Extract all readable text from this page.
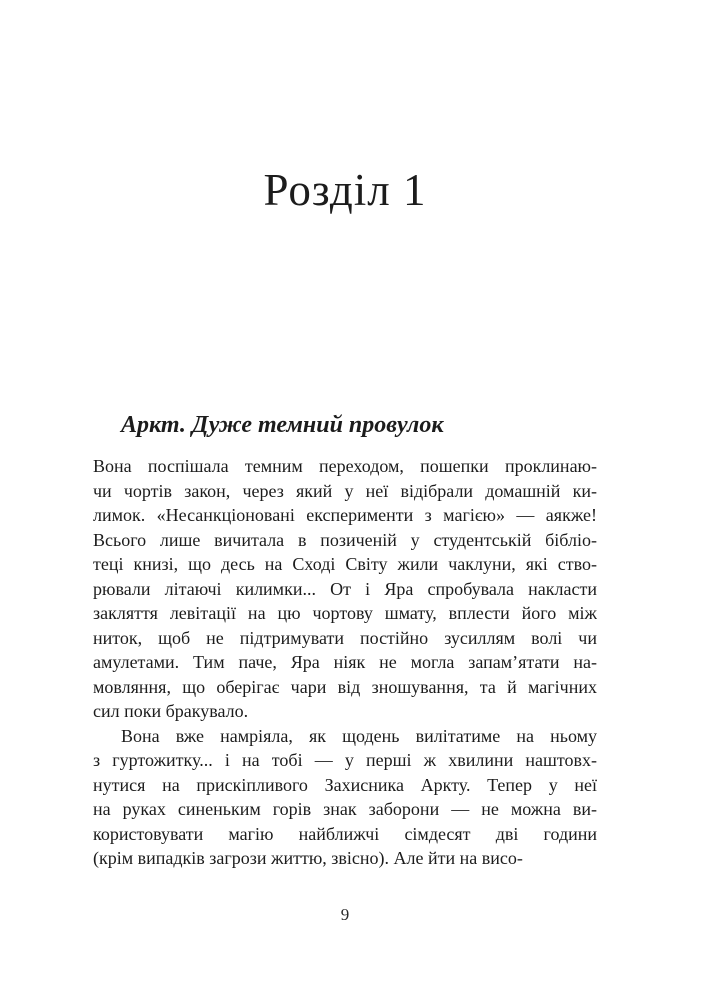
Розділ 1
Аркт. Дуже темний провулок
Вона поспішала темним переходом, пошепки проклинаю-
чи чортів закон, через який у неї відібрали домашній ки-
лимок. «Несанкціоновані експерименти з магією» — аякже!
Всього лише вичитала в позиченій у студентській бібліо-
теці книзі, що десь на Сході Світу жили чаклуни, які ство-
рювали літаючі килимки... От і Яра спробувала накласти
закляття левітації на цю чортову шмату, вплести його між
ниток, щоб не підтримувати постійно зусиллям волі чи
амулетами. Тим паче, Яра ніяк не могла запам’ятати на-
мовляння, що оберігає чари від зношування, та й магічних
сил поки бракувало.
Вона вже намріяла, як щодень вилітатиме на ньому
з гуртожитку... і на тобі — у перші ж хвилини наштовх-
нутися на прискіпливого Захисника Аркту. Тепер у неї
на руках синеньким горів знак заборони — не можна ви-
користовувати магію найближчі сімдесят дві години
(крім випадків загрози життю, звісно). Але йти на висо-
9
